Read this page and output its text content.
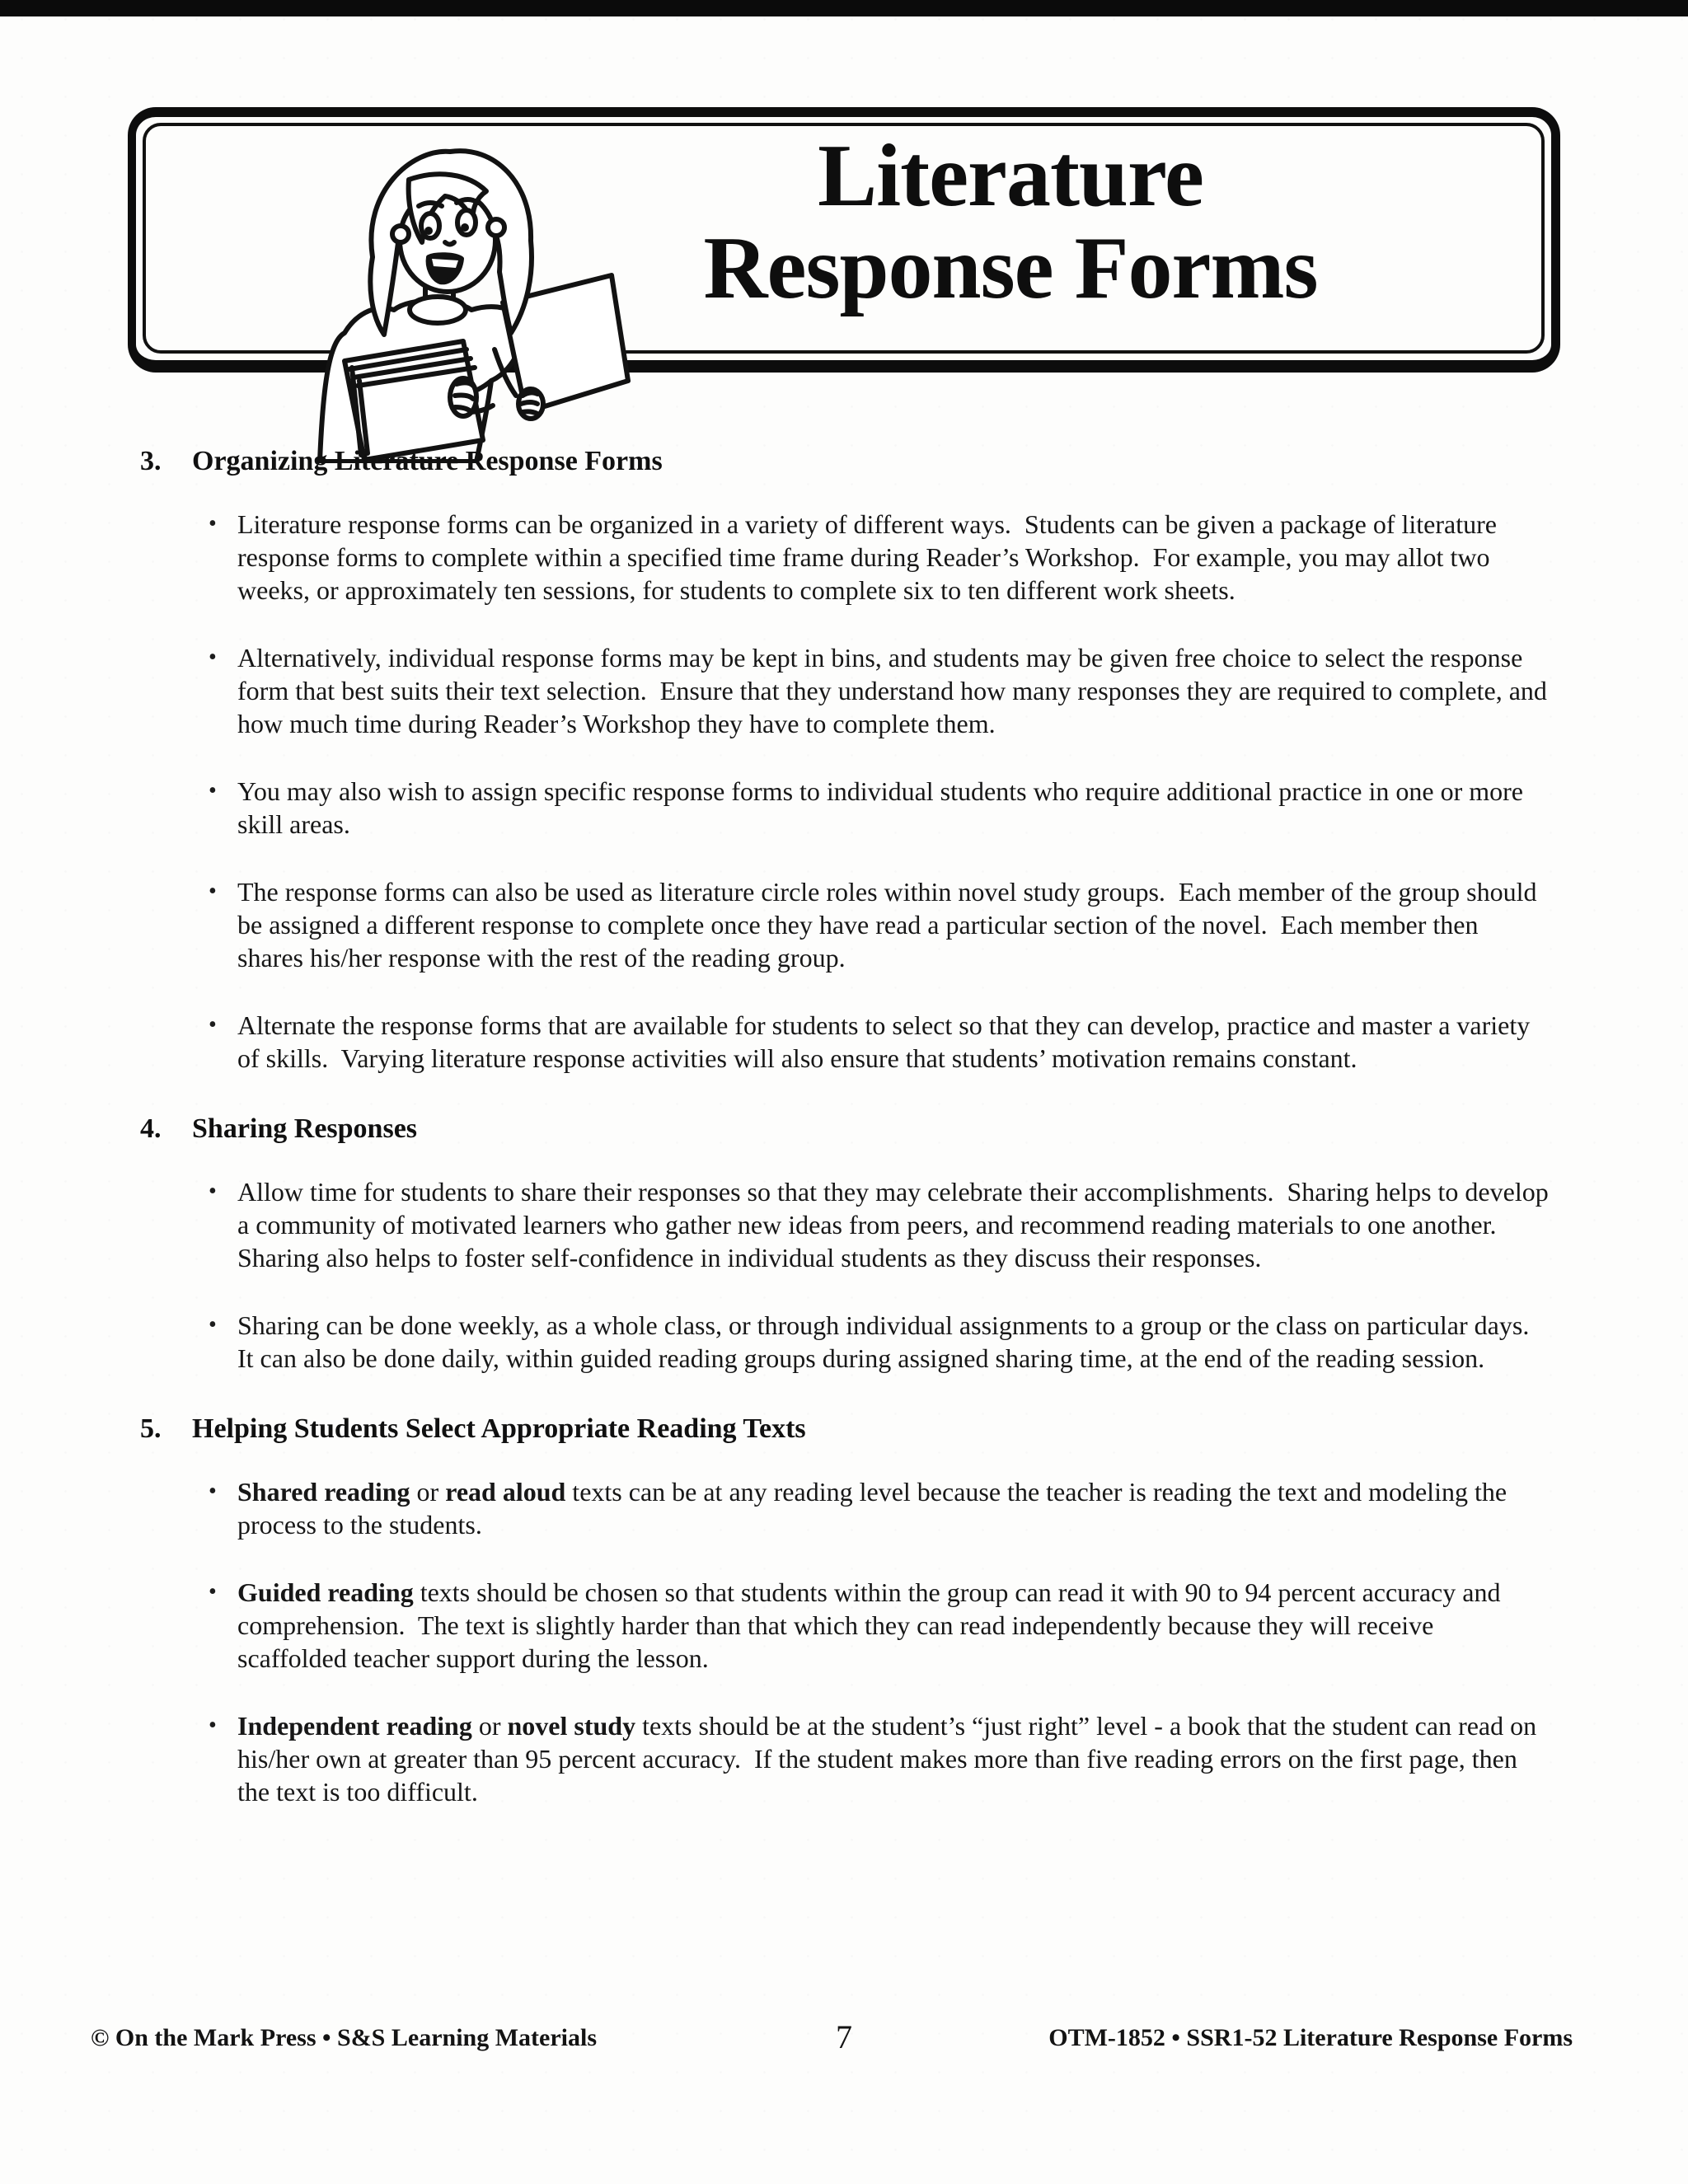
Literature
Response Forms
3.	Organizing Literature Response Forms
• Literature response forms can be organized in a variety of different ways.  Students can be given a package of literature response forms to complete within a specified time frame during Reader’s Workshop.  For example, you may allot two weeks, or approximately ten sessions, for students to complete six to ten different work sheets.
• Alternatively, individual response forms may be kept in bins, and students may be given free choice to select the response form that best suits their text selection.  Ensure that they understand how many responses they are required to complete, and how much time during Reader’s Workshop they have to complete them.
• You may also wish to assign specific response forms to individual students who require additional practice in one or more skill areas.
• The response forms can also be used as literature circle roles within novel study groups.  Each member of the group should be assigned a different response to complete once they have read a particular section of the novel.  Each member then shares his/her response with the rest of the reading group.
• Alternate the response forms that are available for students to select so that they can develop, practice and master a variety of skills.  Varying literature response activities will also ensure that students’ motivation remains constant.
4.	Sharing Responses
• Allow time for students to share their responses so that they may celebrate their accomplishments.  Sharing helps to develop a community of motivated learners who gather new ideas from peers, and recommend reading materials to one another.  Sharing also helps to foster self-confidence in individual students as they discuss their responses.
• Sharing can be done weekly, as a whole class, or through individual assignments to a group or the class on particular days.  It can also be done daily, within guided reading groups during assigned sharing time, at the end of the reading session.
5.	Helping Students Select Appropriate Reading Texts
• Shared reading or read aloud texts can be at any reading level because the teacher is reading the text and modeling the process to the students.
• Guided reading texts should be chosen so that students within the group can read it with 90 to 94 percent accuracy and comprehension.  The text is slightly harder than that which they can read independently because they will receive scaffolded teacher support during the lesson.
• Independent reading or novel study texts should be at the student’s “just right” level - a book that the student can read on his/her own at greater than 95 percent accuracy.  If the student makes more than five reading errors on the first page, then the text is too difficult.
© On the Mark Press • S&S Learning Materials	7	OTM-1852 • SSR1-52 Literature Response Forms
